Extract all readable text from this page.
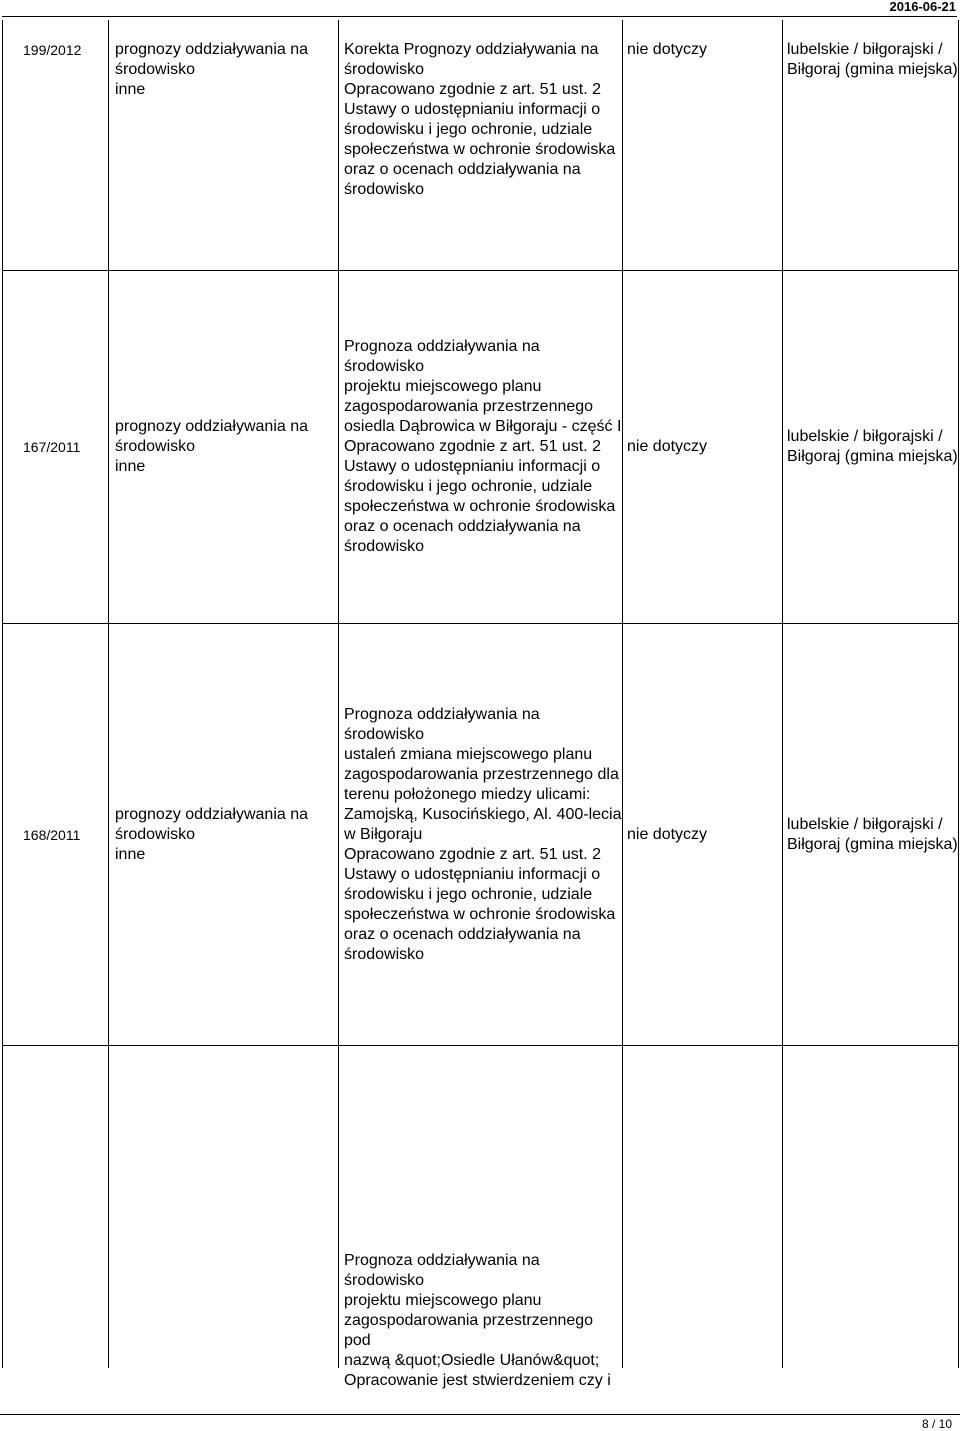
2016-06-21
199/2012	prognozy oddziaływania na
środowisko
inne
Korekta Prognozy oddziaływania na
środowisko
Opracowano zgodnie z art. 51 ust. 2
Ustawy o udostępnianiu informacji o
środowisku i jego ochronie, udziale
społeczeństwa w ochronie środowiska
oraz o ocenach oddziaływania na
środowisko
nie dotyczy	lubelskie / biłgorajski /
Biłgoraj (gmina miejska)
167/2011
prognozy oddziaływania na
środowisko
inne
Prognoza oddziaływania na środowisko
projektu miejscowego planu
zagospodarowania przestrzennego
osiedla Dąbrowica w Biłgoraju - część I
Opracowano zgodnie z art. 51 ust. 2
Ustawy o udostępnianiu informacji o
środowisku i jego ochronie, udziale
społeczeństwa w ochronie środowiska
oraz o ocenach oddziaływania na
środowisko
nie dotyczy
lubelskie / biłgorajski /
Biłgoraj (gmina miejska)
168/2011
prognozy oddziaływania na
środowisko
inne
Prognoza oddziaływania na środowisko
ustaleń zmiana miejscowego planu
zagospodarowania przestrzennego dla
terenu położonego miedzy ulicami:
Zamojską, Kusocińskiego, Al. 400-lecia
w Biłgoraju
Opracowano zgodnie z art. 51 ust. 2
Ustawy o udostępnianiu informacji o
środowisku i jego ochronie, udziale
społeczeństwa w ochronie środowiska
oraz o ocenach oddziaływania na
środowisko
nie dotyczy
lubelskie / biłgorajski /
Biłgoraj (gmina miejska)
Prognoza oddziaływania na środowisko
projektu miejscowego planu
zagospodarowania przestrzennego pod
nazwą &quot;Osiedle Ułanów&quot;
Opracowanie jest stwierdzeniem czy i
8 / 10
